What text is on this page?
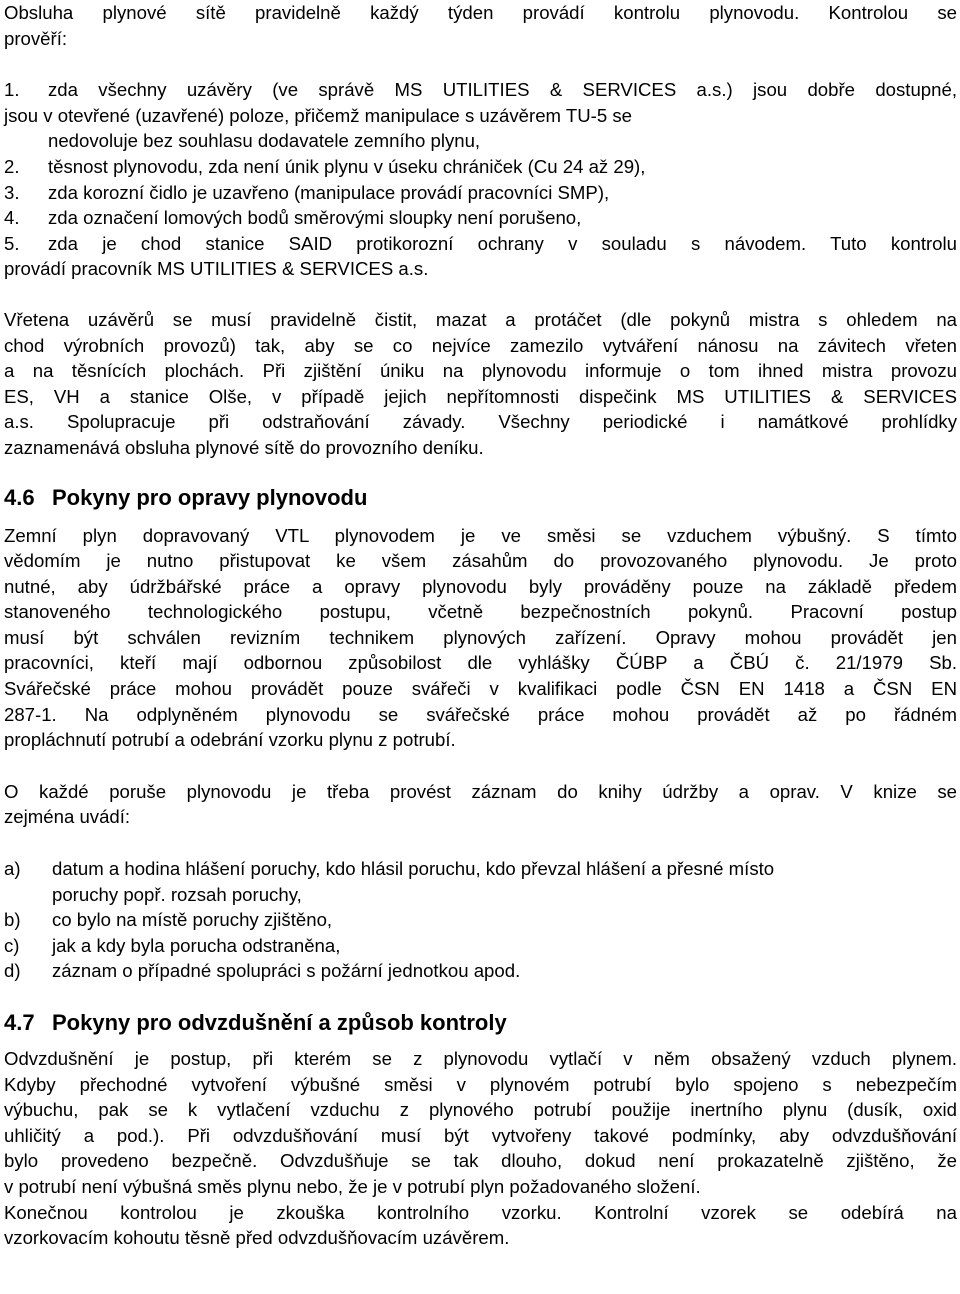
Obsluha plynové sítě pravidelně každý týden provádí kontrolu plynovodu. Kontrolou se

prověří:

1.	zda všechny uzávěry (ve správě MS UTILITIES & SERVICES a.s.) jsou dobře dostupné,

jsou v otevřené (uzavřené) poloze, přičemž manipulace s uzávěrem TU-5 se

nedovoluje bez souhlasu dodavatele zemního plynu,

2.	těsnost plynovodu, zda není únik plynu v úseku chrániček (Cu 24 až 29),
3.	zda korozní čidlo je uzavřeno (manipulace provádí pracovníci SMP),
4.	zda označení lomových bodů směrovými sloupky není porušeno,
5.	zda je chod stanice SAID protikorozní ochrany v souladu s návodem. Tuto kontrolu

provádí pracovník MS UTILITIES & SERVICES a.s.

Vřetena uzávěrů se musí pravidelně čistit, mazat a protáčet (dle pokynů mistra s ohledem na

chod výrobních provozů) tak, aby se co nejvíce zamezilo vytváření nánosu na závitech vřeten

a na těsnících plochách. Při zjištění úniku na plynovodu informuje o tom ihned mistra provozu

ES, VH a stanice Olše, v případě jejich nepřítomnosti dispečink MS UTILITIES & SERVICES

a.s. Spolupracuje při odstraňování závady. Všechny periodické i namátkové prohlídky

zaznamenává obsluha plynové sítě do provozního deníku.

4.6 Pokyny pro opravy plynovodu

Zemní plyn dopravovaný VTL plynovodem je ve směsi se vzduchem výbušný. S tímto

vědomím je nutno přistupovat ke všem zásahům do provozovaného plynovodu. Je proto

nutné, aby údržbářské práce a opravy plynovodu byly prováděny pouze na základě předem

stanoveného technologického postupu, včetně bezpečnostních pokynů. Pracovní postup

musí být schválen revizním technikem plynových zařízení. Opravy mohou provádět jen

pracovníci, kteří mají odbornou způsobilost dle vyhlášky ČÚBP a ČBÚ č. 21/1979 Sb.

Svářečské práce mohou provádět pouze svářeči v kvalifikaci podle ČSN EN 1418 a ČSN EN

287-1. Na odplyněném plynovodu se svářečské práce mohou provádět až po řádném

propláchnutí potrubí a odebrání vzorku plynu z potrubí.

O každé poruše plynovodu je třeba provést záznam do knihy údržby a oprav. V knize se

zejména uvádí:

a)	datum a hodina hlášení poruchy, kdo hlásil poruchu, kdo převzal hlášení a přesné místo

poruchy popř. rozsah poruchy,

b)	co bylo na místě poruchy zjištěno,
c)	jak a kdy byla porucha odstraněna,
d)	záznam o případné spolupráci s požární jednotkou apod.
4.7 Pokyny pro odvzdušnění a způsob kontroly

Odvzdušnění je postup, při kterém se z plynovodu vytlačí v něm obsažený vzduch plynem.

Kdyby přechodné vytvoření výbušné směsi v plynovém potrubí bylo spojeno s nebezpečím

výbuchu, pak se k vytlačení vzduchu z plynového potrubí použije inertního plynu (dusík, oxid

uhličitý a pod.). Při odvzdušňování musí být vytvořeny takové podmínky, aby odvzdušňování

bylo provedeno bezpečně. Odvzdušňuje se tak dlouho, dokud není prokazatelně zjištěno, že

v potrubí není výbušná směs plynu nebo, že je v potrubí plyn požadovaného složení.

Konečnou kontrolou je zkouška kontrolního vzorku. Kontrolní vzorek se odebírá na

vzorkovacím kohoutu těsně před odvzdušňovacím uzávěrem.
